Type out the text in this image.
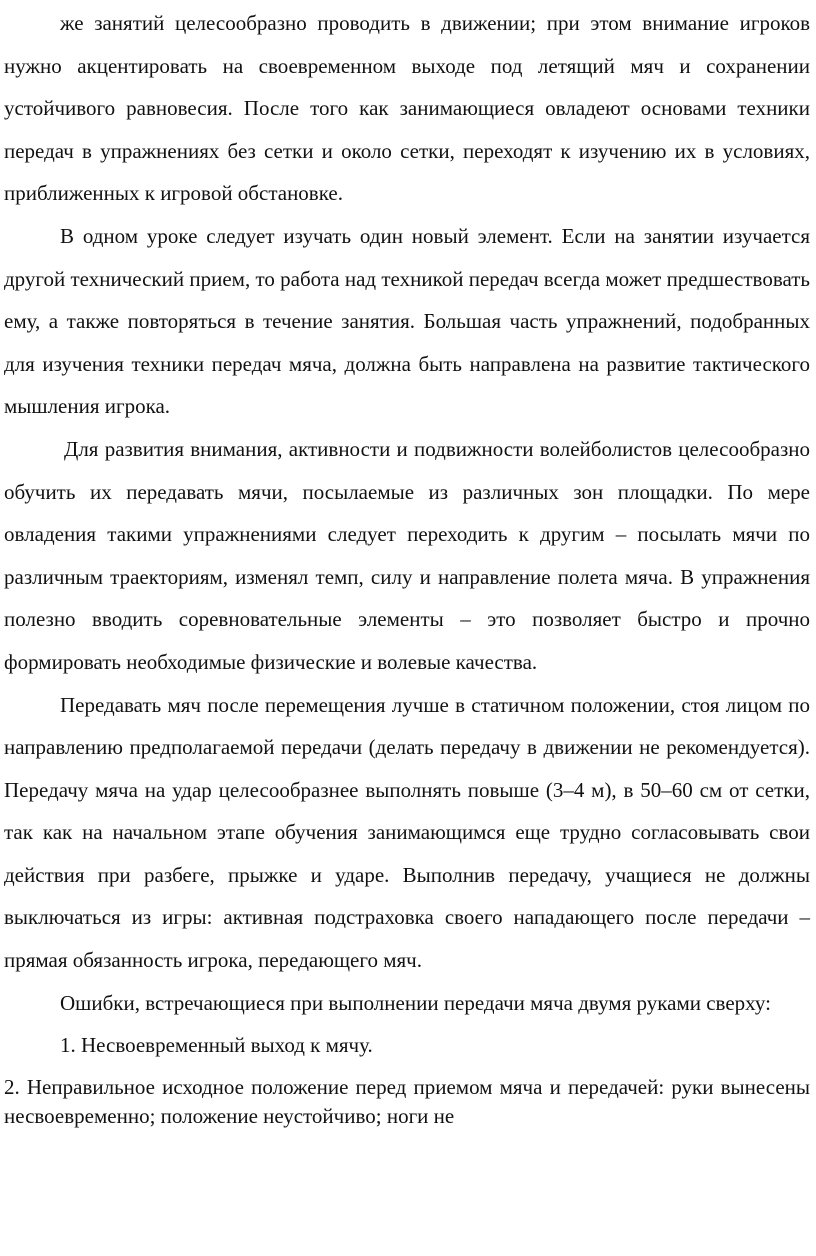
же занятий целесообразно проводить в движении; при этом внимание игроков нужно акцентировать на своевременном выходе под летящий мяч и сохранении устойчивого равновесия. После того как занимающиеся овладеют основами техники передач в упражнениях без сетки и около сетки, переходят к изучению их в условиях, приближенных к игровой обстановке.

В одном уроке следует изучать один новый элемент. Если на занятии изучается другой технический прием, то работа над техникой передач всегда может предшествовать ему, а также повторяться в течение занятия. Большая часть упражнений, подобранных для изучения техники передач мяча, должна быть направлена на развитие тактического мышления игрока.

Для развития внимания, активности и подвижности волейболистов целесообразно обучить их передавать мячи, посылаемые из различных зон площадки. По мере овладения такими упражнениями следует переходить к другим – посылать мячи по различным траекториям, изменял темп, силу и направление полета мяча. В упражнения полезно вводить соревновательные элементы – это позволяет быстро и прочно формировать необходимые физические и волевые качества.

Передавать мяч после перемещения лучше в статичном положении, стоя лицом по направлению предполагаемой передачи (делать передачу в движении не рекомендуется). Передачу мяча на удар целесообразнее выполнять повыше (3–4 м), в 50–60 см от сетки, так как на начальном этапе обучения занимающимся еще трудно согласовывать свои действия при разбеге, прыжке и ударе. Выполнив передачу, учащиеся не должны выключаться из игры: активная подстраховка своего нападающего после передачи – прямая обязанность игрока, передающего мяч.

Ошибки, встречающиеся при выполнении передачи мяча двумя руками сверху:

1. Несвоевременный выход к мячу.

2. Неправильное исходное положение перед приемом мяча и передачей: руки вынесены несвоевременно; положение неустойчиво; ноги не
